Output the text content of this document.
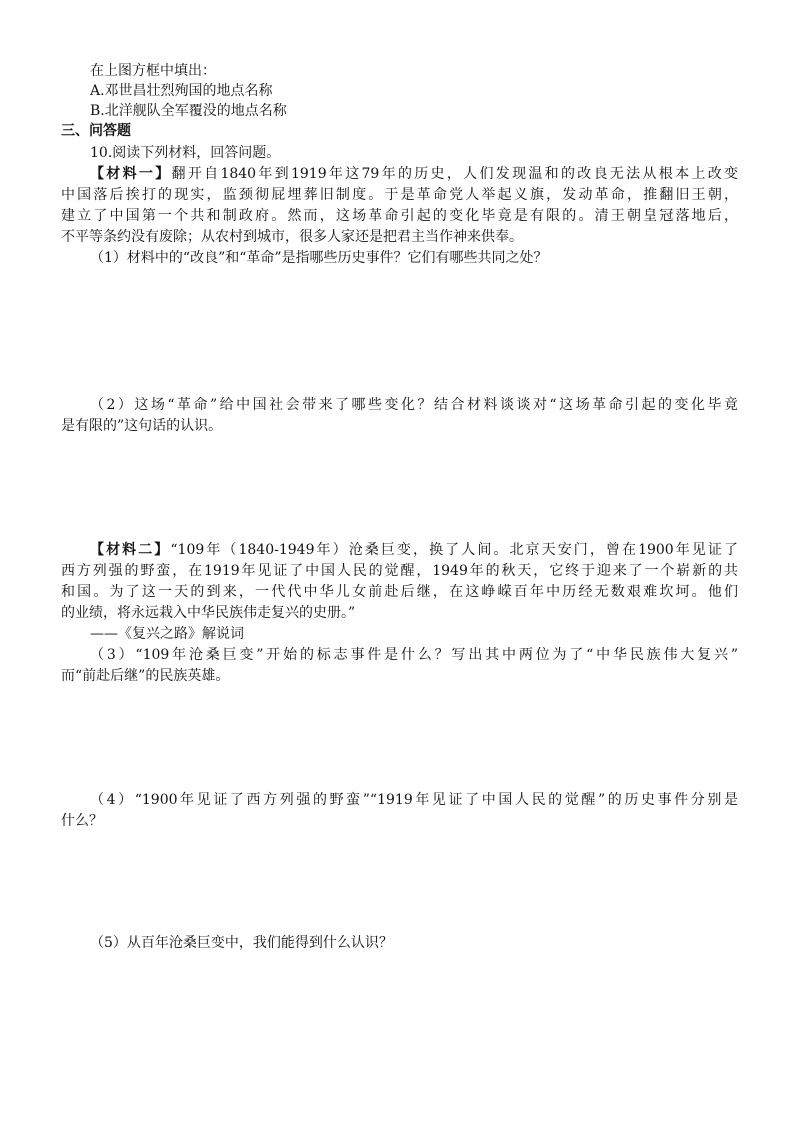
在上图方框中填出：
A.邓世昌壮烈殉国的地点名称
B.北洋舰队全军覆没的地点名称
三、问答题
10.阅读下列材料，回答问题。
【材料一】翻开自1840年到1919年这79年的历史，人们发现温和的改良无法从根本上改变
中国落后挨打的现实，监颈彻屁埋葬旧制度。于是革命党人举起义旗，发动革命，推翻旧王朝，
建立了中国第一个共和制政府。然而，这场革命引起的变化毕竟是有限的。清王朝皇冠落地后，
不平等条约没有废除；从农村到城市，很多人家还是把君主当作神来供奉。
（1）材料中的“改良”和“革命”是指哪些历史事件？它们有哪些共同之处？
（2）这场“革命”给中国社会带来了哪些变化？结合材料谈谈对“这场革命引起的变化毕竟
是有限的”这句话的认识。
【材料二】“109年（1840-1949年）沧桑巨变，换了人间。北京天安门，曾在1900年见证了
西方列强的野蛮，在1919年见证了中国人民的觉醒，1949年的秋天，它终于迎来了一个崭新的共
和国。为了这一天的到来，一代代中华儿女前赴后继，在这峥嵘百年中历经无数艰难坎坷。他们
的业绩，将永远栽入中华民族伟走复兴的史册。”
——《复兴之路》解说词
（3）“109年沧桑巨变”开始的标志事件是什么？写出其中两位为了“中华民族伟大复兴”
而“前赴后继”的民族英雄。
（4）“1900年见证了西方列强的野蛮”“1919年见证了中国人民的觉醒”的历史事件分别是
什么？
（5）从百年沧桑巨变中，我们能得到什么认识？
